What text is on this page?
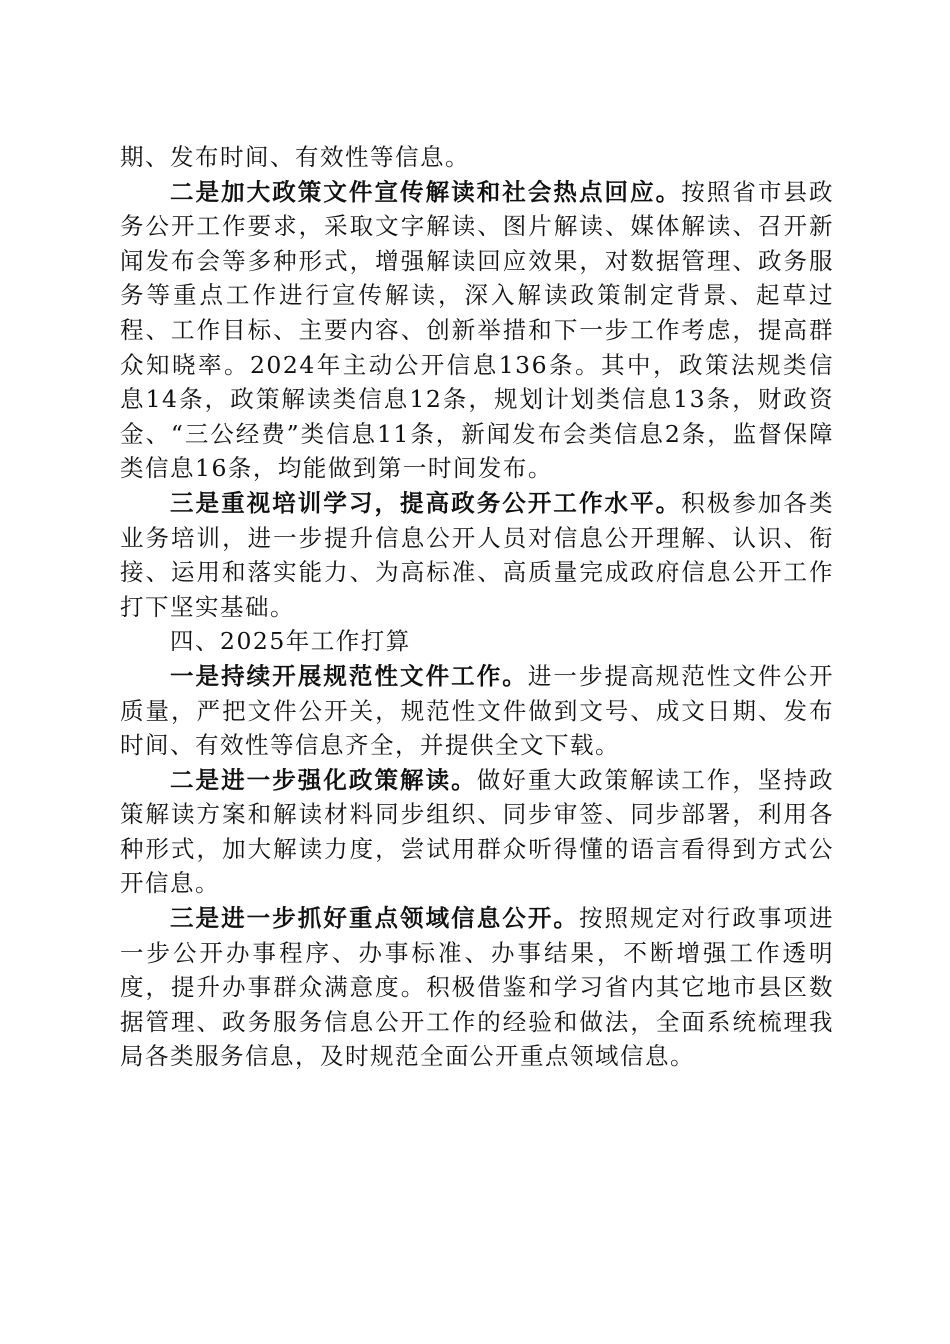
期、发布时间、有效性等信息。

二是加大政策文件宣传解读和社会热点回应。按照省市县政务公开工作要求，采取文字解读、图片解读、媒体解读、召开新闻发布会等多种形式，增强解读回应效果，对数据管理、政务服务等重点工作进行宣传解读，深入解读政策制定背景、起草过程、工作目标、主要内容、创新举措和下一步工作考虑，提高群众知晓率。2024年主动公开信息136条。其中，政策法规类信息14条，政策解读类信息12条，规划计划类信息13条，财政资金、“三公经费”类信息11条，新闻发布会类信息2条，监督保障类信息16条，均能做到第一时间发布。

三是重视培训学习，提高政务公开工作水平。积极参加各类业务培训，进一步提升信息公开人员对信息公开理解、认识、衔接、运用和落实能力、为高标准、高质量完成政府信息公开工作打下坚实基础。

四、2025年工作打算

一是持续开展规范性文件工作。进一步提高规范性文件公开质量，严把文件公开关，规范性文件做到文号、成文日期、发布时间、有效性等信息齐全，并提供全文下载。

二是进一步强化政策解读。做好重大政策解读工作，坚持政策解读方案和解读材料同步组织、同步审签、同步部署，利用各种形式，加大解读力度，尝试用群众听得懂的语言看得到方式公开信息。

三是进一步抓好重点领域信息公开。按照规定对行政事项进一步公开办事程序、办事标准、办事结果，不断增强工作透明度，提升办事群众满意度。积极借鉴和学习省内其它地市县区数据管理、政务服务信息公开工作的经验和做法，全面系统梳理我局各类服务信息，及时规范全面公开重点领域信息。
